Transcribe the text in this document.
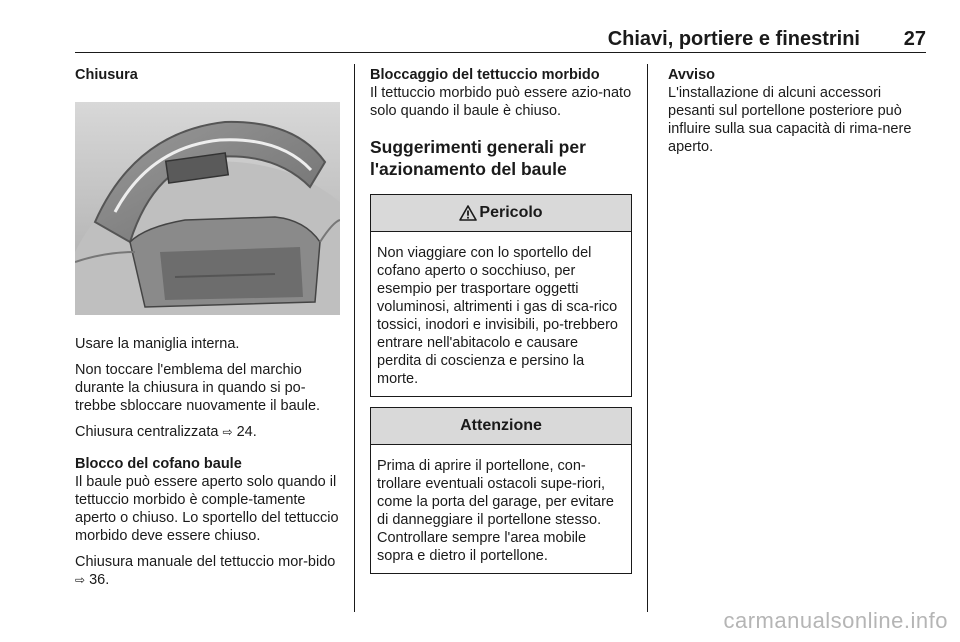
Chiavi, portiere e finestrini	27

Chiusura

Usare la maniglia interna.

Non toccare l'emblema del marchio durante la chiusura in quando si po-trebbe sbloccare nuovamente il baule.

Chiusura centralizzata ⇨ 24.

Blocco del cofano baule

Il baule può essere aperto solo quando il tettuccio morbido è comple-tamente aperto o chiuso. Lo sportello del tettuccio morbido deve essere chiuso.

Chiusura manuale del tettuccio mor-bido ⇨ 36.

Bloccaggio del tettuccio morbido

Il tettuccio morbido può essere azio-nato solo quando il baule è chiuso.

Suggerimenti generali per l'azionamento del baule
Pericolo
Non viaggiare con lo sportello del cofano aperto o socchiuso, per esempio per trasportare oggetti voluminosi, altrimenti i gas di sca-rico tossici, inodori e invisibili, po-trebbero entrare nell'abitacolo e causare perdita di coscienza e persino la morte.
Attenzione
Prima di aprire il portellone, con-trollare eventuali ostacoli supe-riori, come la porta del garage, per evitare di danneggiare il portellone stesso. Controllare sempre l'area mobile sopra e dietro il portellone.

Avviso

L'installazione di alcuni accessori pesanti sul portellone posteriore può influire sulla sua capacità di rima-nere aperto.

carmanualsonline.info
